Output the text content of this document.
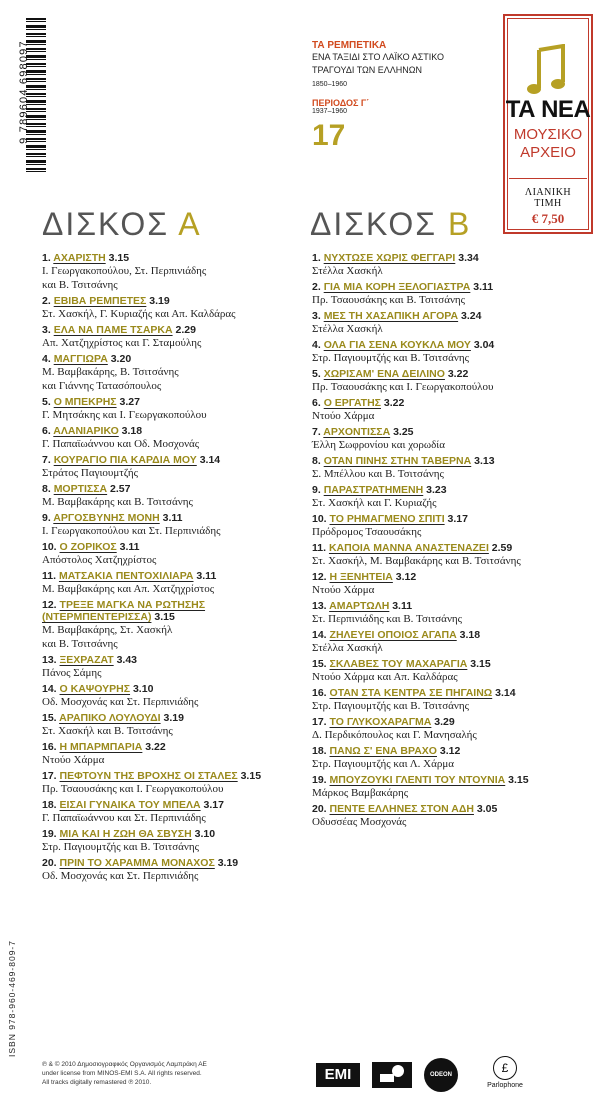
9 789604 698097	ΤΑ ΡΕΜΠΕΤΙΚΑ
ΕΝΑ ΤΑΞΙΔΙ ΣΤΟ ΛΑΪΚΟ ΑΣΤΙΚΟ
ΤΡΑΓΟΥΔΙ ΤΩΝ ΕΛΛΗΝΩΝ
1850–1960
ΠΕΡΙΟΔΟΣ Γ΄
1937–1960
17
ΤΑ ΝΕΑ
ΜΟΥΣΙΚΟ
ΑΡΧΕΙΟ
ΛΙΑΝΙΚΗ
ΤΙΜΗ
€ 7,50
ΔΙΣΚΟΣ Α	ΔΙΣΚΟΣ Β
1. ΑΧΑΡΙΣΤΗ 3.15
Ι. Γεωργακοπούλου, Στ. Περπινιάδης
και Β. Τσιτσάνης
2. ΕΒΙΒΑ ΡΕΜΠΕΤΕΣ 3.19
Στ. Χασκήλ, Γ. Κυριαζής και Απ. Καλδάρας
3. ΕΛΑ ΝΑ ΠΑΜΕ ΤΣΑΡΚΑ 2.29
Απ. Χατζηχρίστος και Γ. Σταμούλης
4. ΜΑΓΓΙΩΡΑ 3.20
Μ. Βαμβακάρης, Β. Τσιτσάνης
και Γιάννης Τατασόπουλος
5. Ο ΜΠΕΚΡΗΣ 3.27
Γ. Μητσάκης και Ι. Γεωργακοπούλου
6. ΑΛΑΝΙΑΡΙΚΟ 3.18
Γ. Παπαϊωάννου και Οδ. Μοσχονάς
7. ΚΟΥΡΑΓΙΟ ΠΙΑ ΚΑΡΔΙΑ ΜΟΥ 3.14
Στράτος Παγιουμτζής
8. ΜΟΡΤΙΣΣΑ 2.57
Μ. Βαμβακάρης και Β. Τσιτσάνης
9. ΑΡΓΟΣΒΥΝΗΣ ΜΟΝΗ 3.11
Ι. Γεωργακοπούλου και Στ. Περπινιάδης
10. Ο ΖΟΡΙΚΟΣ 3.11
Απόστολος Χατζηχρίστος
11. ΜΑΤΣΑΚΙΑ ΠΕΝΤΟΧΙΛΙΑΡΑ 3.11
Μ. Βαμβακάρης και Απ. Χατζηχρίστος
12. ΤΡΕΞΕ ΜΑΓΚΑ ΝΑ ΡΩΤΗΣΗΣ
(ΝΤΕΡΜΠΕΝΤΕΡΙΣΣΑ) 3.15
Μ. Βαμβακάρης, Στ. Χασκήλ
και Β. Τσιτσάνης
13. ΞΕΧΡΑΖΑΤ 3.43
Πάνος Σάμης
14. Ο ΚΑΨΟΥΡΗΣ 3.10
Οδ. Μοσχονάς και Στ. Περπινιάδης
15. ΑΡΑΠΙΚΟ ΛΟΥΛΟΥΔΙ 3.19
Στ. Χασκήλ και Β. Τσιτσάνης
16. Η ΜΠΑΡΜΠΑΡΙΑ 3.22
Ντούο Χάρμα
17. ΠΕΦΤΟΥΝ ΤΗΣ ΒΡΟΧΗΣ ΟΙ ΣΤΑΛΕΣ 3.15
Πρ. Τσαουσάκης και Ι. Γεωργακοπούλου
18. ΕΙΣΑΙ ΓΥΝΑΙΚΑ ΤΟΥ ΜΠΕΛΑ 3.17
Γ. Παπαϊωάννου και Στ. Περπινιάδης
19. ΜΙΑ ΚΑΙ Η ΖΩΗ ΘΑ ΣΒΥΣΗ 3.10
Στρ. Παγιουμτζής και Β. Τσιτσάνης
20. ΠΡΙΝ ΤΟ ΧΑΡΑΜΜΑ ΜΟΝΑΧΟΣ 3.19
Οδ. Μοσχονάς και Στ. Περπινιάδης
1. ΝΥΧΤΩΣΕ ΧΩΡΙΣ ΦΕΓΓΑΡΙ 3.34
Στέλλα Χασκήλ
2. ΓΙΑ ΜΙΑ ΚΟΡΗ ΞΕΛΟΓΙΑΣΤΡΑ 3.11
Πρ. Τσαουσάκης και Β. Τσιτσάνης
3. ΜΕΣ ΤΗ ΧΑΣΑΠΙΚΗ ΑΓΟΡΑ 3.24
Στέλλα Χασκήλ
4. ΟΛΑ ΓΙΑ ΣΕΝΑ ΚΟΥΚΛΑ ΜΟΥ 3.04
Στρ. Παγιουμτζής και Β. Τσιτσάνης
5. ΧΩΡΙΣΑΜ' ΕΝΑ ΔΕΙΛΙΝΟ 3.22
Πρ. Τσαουσάκης και Ι. Γεωργακοπούλου
6. Ο ΕΡΓΑΤΗΣ 3.22
Ντούο Χάρμα
7. ΑΡΧΟΝΤΙΣΣΑ 3.25
Έλλη Σωφρονίου και χορωδία
8. ΟΤΑΝ ΠΙΝΗΣ ΣΤΗΝ ΤΑΒΕΡΝΑ 3.13
Σ. Μπέλλου και Β. Τσιτσάνης
9. ΠΑΡΑΣΤΡΑΤΗΜΕΝΗ 3.23
Στ. Χασκήλ και Γ. Κυριαζής
10. ΤΟ ΡΗΜΑΓΜΕΝΟ ΣΠΙΤΙ 3.17
Πρόδρομος Τσαουσάκης
11. ΚΑΠΟΙΑ ΜΑΝΝΑ ΑΝΑΣΤΕΝΑΖΕΙ 2.59
Στ. Χασκήλ, Μ. Βαμβακάρης και Β. Τσιτσάνης
12. Η ΞΕΝΗΤΕΙΑ 3.12
Ντούο Χάρμα
13. ΑΜΑΡΤΩΛΗ 3.11
Στ. Περπινιάδης και Β. Τσιτσάνης
14. ΖΗΛΕΥΕΙ ΟΠΟΙΟΣ ΑΓΑΠΑ 3.18
Στέλλα Χασκήλ
15. ΣΚΛΑΒΕΣ ΤΟΥ ΜΑΧΑΡΑΓΙΑ 3.15
Ντούο Χάρμα και Απ. Καλδάρας
16. ΟΤΑΝ ΣΤΑ ΚΕΝΤΡΑ ΣΕ ΠΗΓΑΙΝΩ 3.14
Στρ. Παγιουμτζής και Β. Τσιτσάνης
17. ΤΟ ΓΛΥΚΟΧΑΡΑΓΜΑ 3.29
Δ. Περδικόπουλος και Γ. Μανησαλής
18. ΠΑΝΩ Σ' ΕΝΑ ΒΡΑΧΟ 3.12
Στρ. Παγιουμτζής και Λ. Χάρμα
19. ΜΠΟΥΖΟΥΚΙ ΓΛΕΝΤΙ ΤΟΥ ΝΤΟΥΝΙΑ 3.15
Μάρκος Βαμβακάρης
20. ΠΕΝΤΕ ΕΛΛΗΝΕΣ ΣΤΟΝ ΑΔΗ 3.05
Οδυσσέας Μοσχονάς
ISBN 978-960-469-809-7
℗ & © 2010 Δημοσιογραφικός Οργανισμός Λαμπράκη ΑΕ
under license from MINOS-EMI S.A. All rights reserved.
All tracks digitally remastered ℗ 2010.	EMI	ODEON	£
Parlophone
